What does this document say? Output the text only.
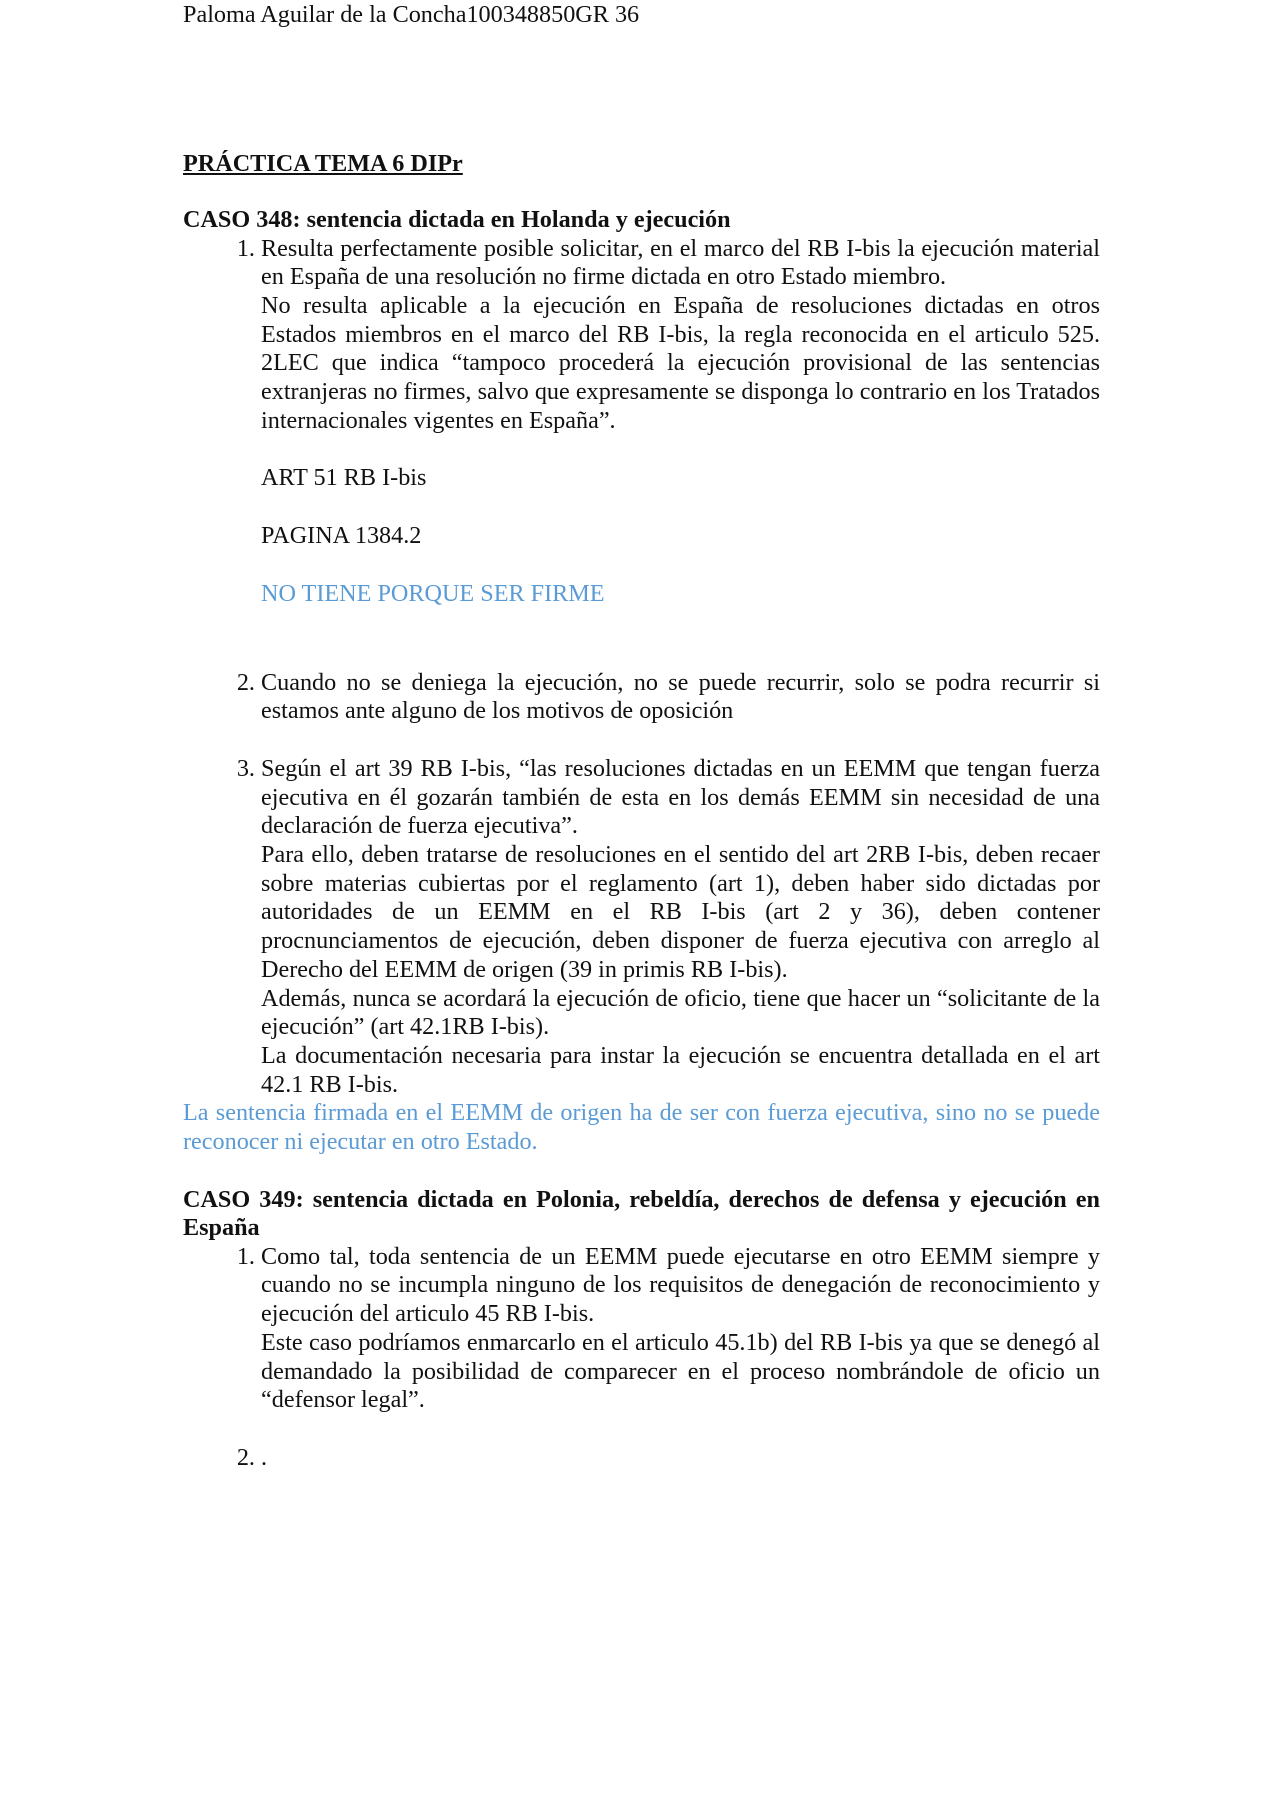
Paloma Aguilar de la Concha100348850GR 36

PRÁCTICA TEMA 6 DIPr

CASO 348: sentencia dictada en Holanda y ejecución

1. Resulta perfectamente posible solicitar, en el marco del RB I-bis la ejecución material en España de una resolución no firme dictada en otro Estado miembro.

No resulta aplicable a la ejecución en España de resoluciones dictadas en otros Estados miembros en el marco del RB I-bis, la regla reconocida en el articulo 525. 2LEC que indica “tampoco procederá la ejecución provisional de las sentencias extranjeras no firmes, salvo que expresamente se disponga lo contrario en los Tratados internacionales vigentes en España”.

ART 51 RB I-bis

PAGINA 1384.2

NO TIENE PORQUE SER FIRME

2. Cuando no se deniega la ejecución, no se puede recurrir, solo se podra recurrir si estamos ante alguno de los motivos de oposición

3. Según el art 39 RB I-bis, “las resoluciones dictadas en un EEMM que tengan fuerza ejecutiva en él gozarán también de esta en los demás EEMM sin necesidad de una declaración de fuerza ejecutiva”.

Para ello, deben tratarse de resoluciones en el sentido del art 2RB I-bis, deben recaer sobre materias cubiertas por el reglamento (art 1), deben haber sido dictadas por autoridades de un EEMM en el RB I-bis (art 2 y 36), deben contener procnunciamentos de ejecución, deben disponer de fuerza ejecutiva con arreglo al Derecho del EEMM de origen (39 in primis RB I-bis).

Además, nunca se acordará la ejecución de oficio, tiene que hacer un “solicitante de la ejecución” (art 42.1RB I-bis).

La documentación necesaria para instar la ejecución se encuentra detallada en el art 42.1 RB I-bis.

La sentencia firmada en el EEMM de origen ha de ser con fuerza ejecutiva, sino no se puede reconocer ni ejecutar en otro Estado.

CASO 349: sentencia dictada en Polonia, rebeldía, derechos de defensa y ejecución en España

1. Como tal, toda sentencia de un EEMM puede ejecutarse en otro EEMM siempre y cuando no se incumpla ninguno de los requisitos de denegación de reconocimiento y ejecución del articulo 45 RB I-bis.

Este caso podríamos enmarcarlo en el articulo 45.1b) del RB I-bis ya que se denegó al demandado la posibilidad de comparecer en el proceso nombrándole de oficio un “defensor legal”.

2. .
